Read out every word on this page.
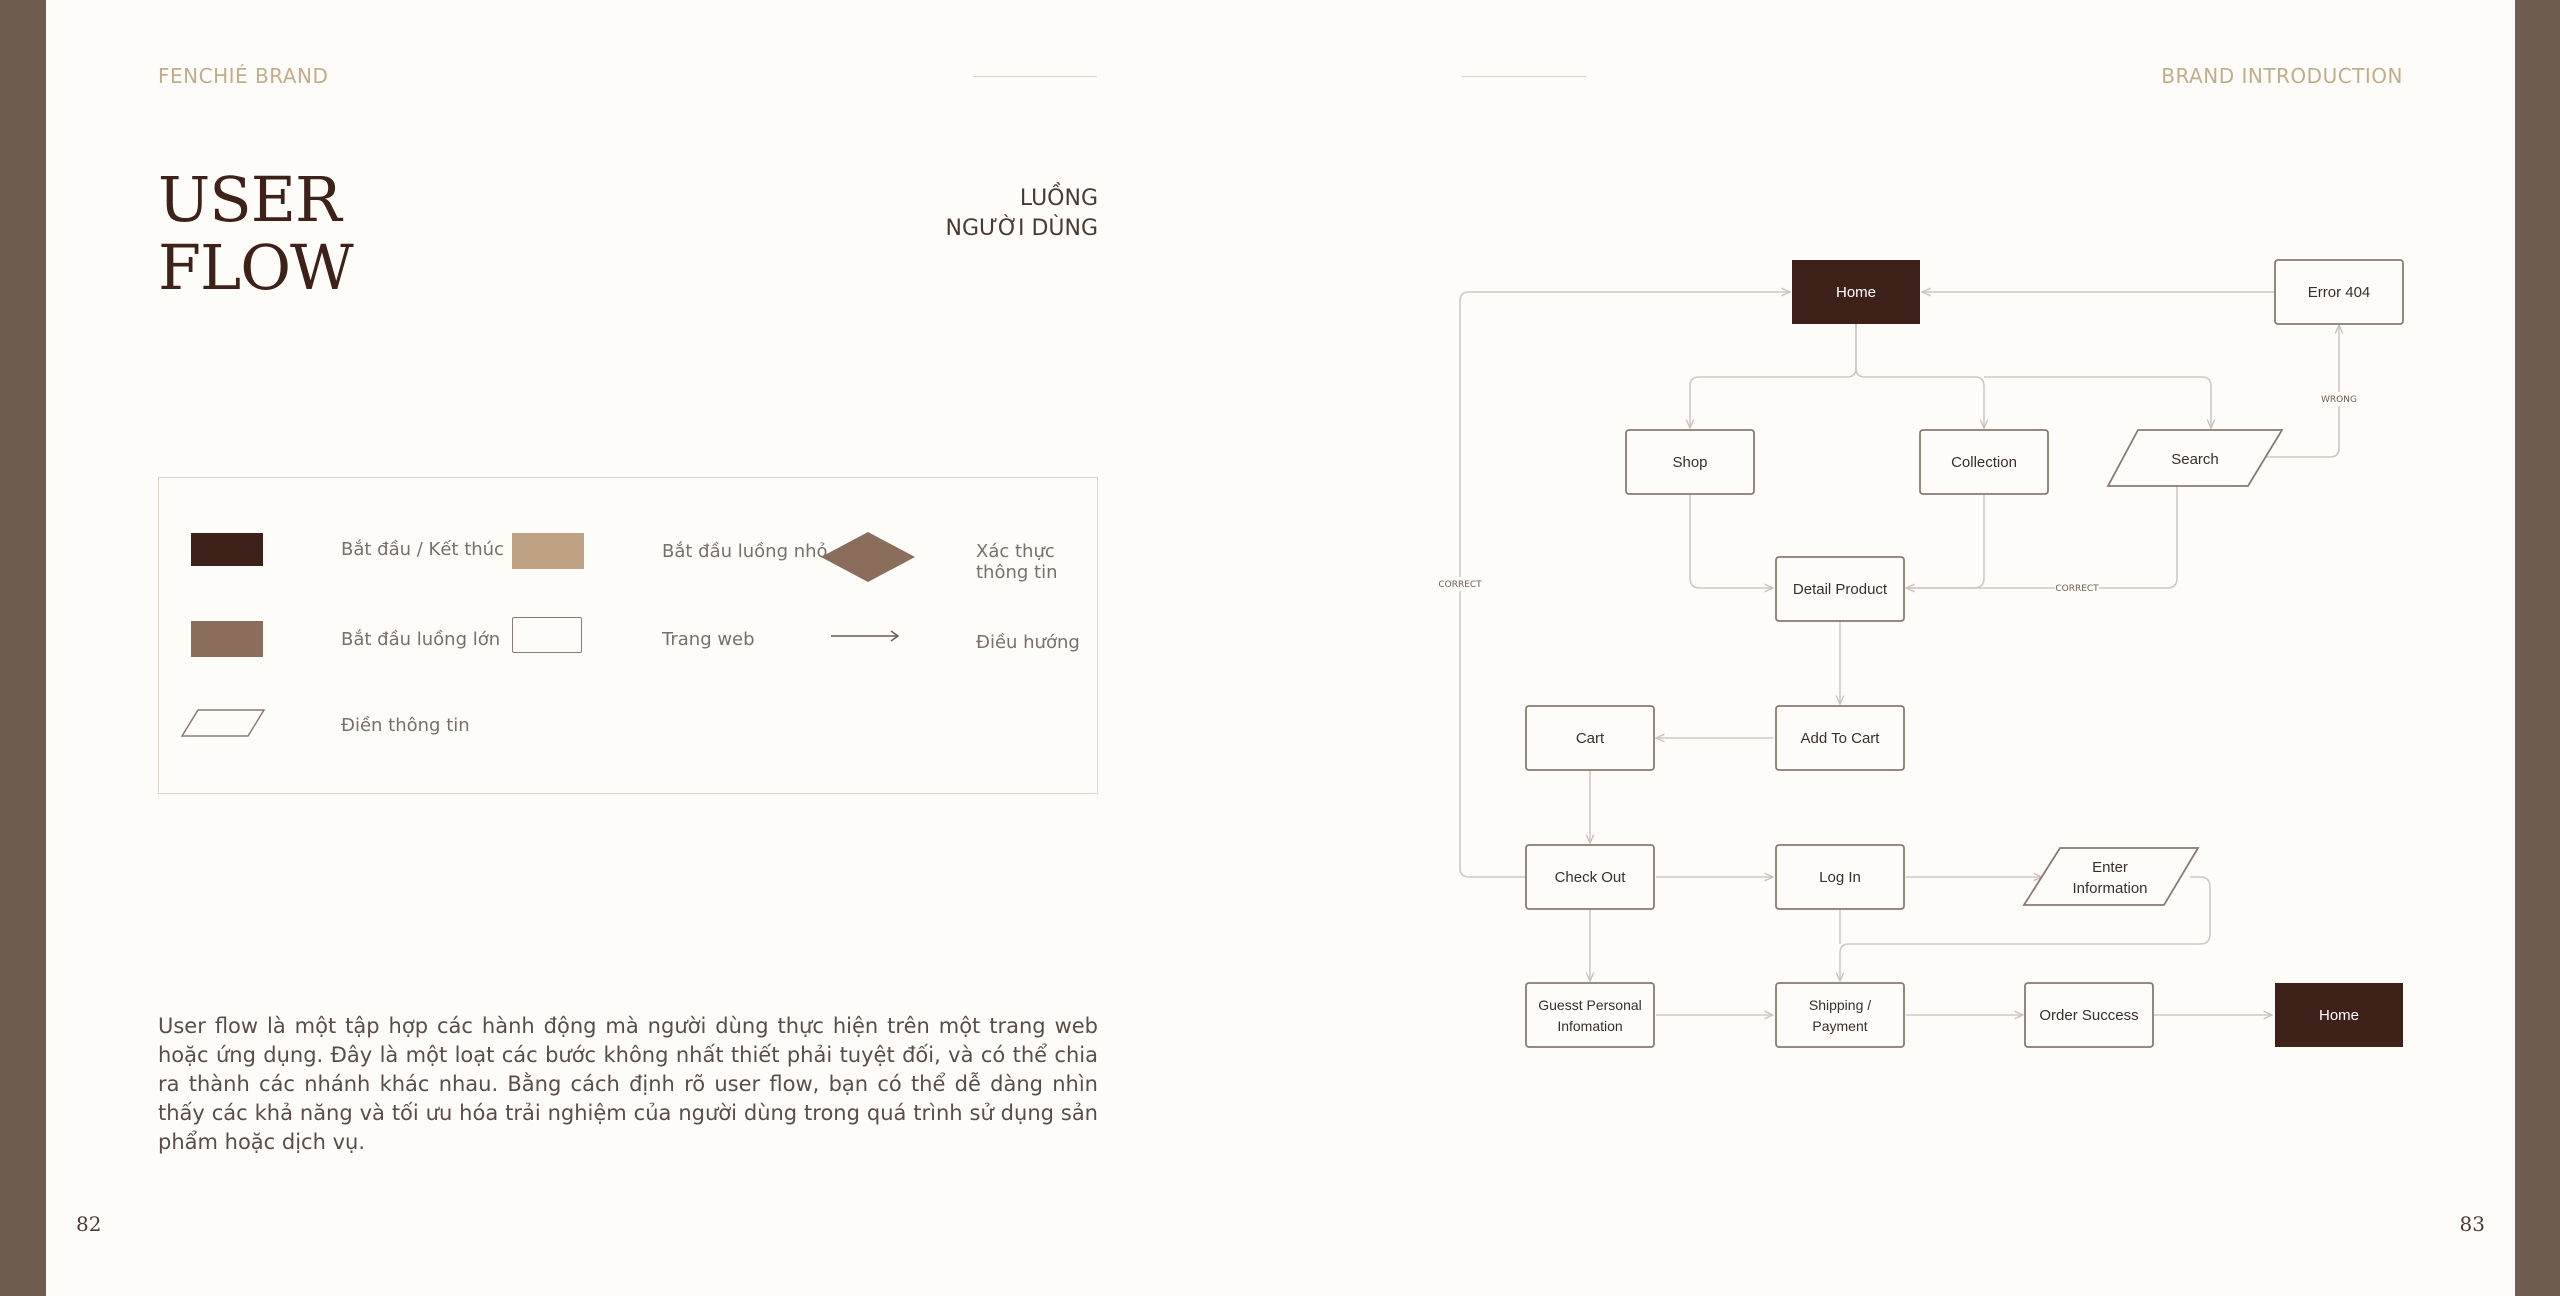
FENCHIÉ BRAND	BRAND INTRODUCTION
USER
FLOW
LUỒNG
NGƯỜI DÙNG
Bắt đầu / Kết thúc	Bắt đầu luồng nhỏ	Xác thực thông tin
Bắt đầu luồng lớn	Trang web	Điều hướng
Điền thông tin
User flow là một tập hợp các hành động mà người dùng thực hiện trên một trang web hoặc ứng dụng. Đây là một loạt các bước không nhất thiết phải tuyệt đối, và có thể chia ra thành các nhánh khác nhau. Bằng cách định rõ user flow, bạn có thể dễ dàng nhìn thấy các khả năng và tối ưu hóa trải nghiệm của người dùng trong quá trình sử dụng sản phẩm hoặc dịch vụ.
82	83
CORRECT	CORRECT
WRONG
Home	Error 404
Shop	Collection	Search
Detail Product
Cart	Add To Cart
Check Out	Log In
Enter
Information
Guesst Personal
Infomation
Shipping /
Payment
Order Success	Home
